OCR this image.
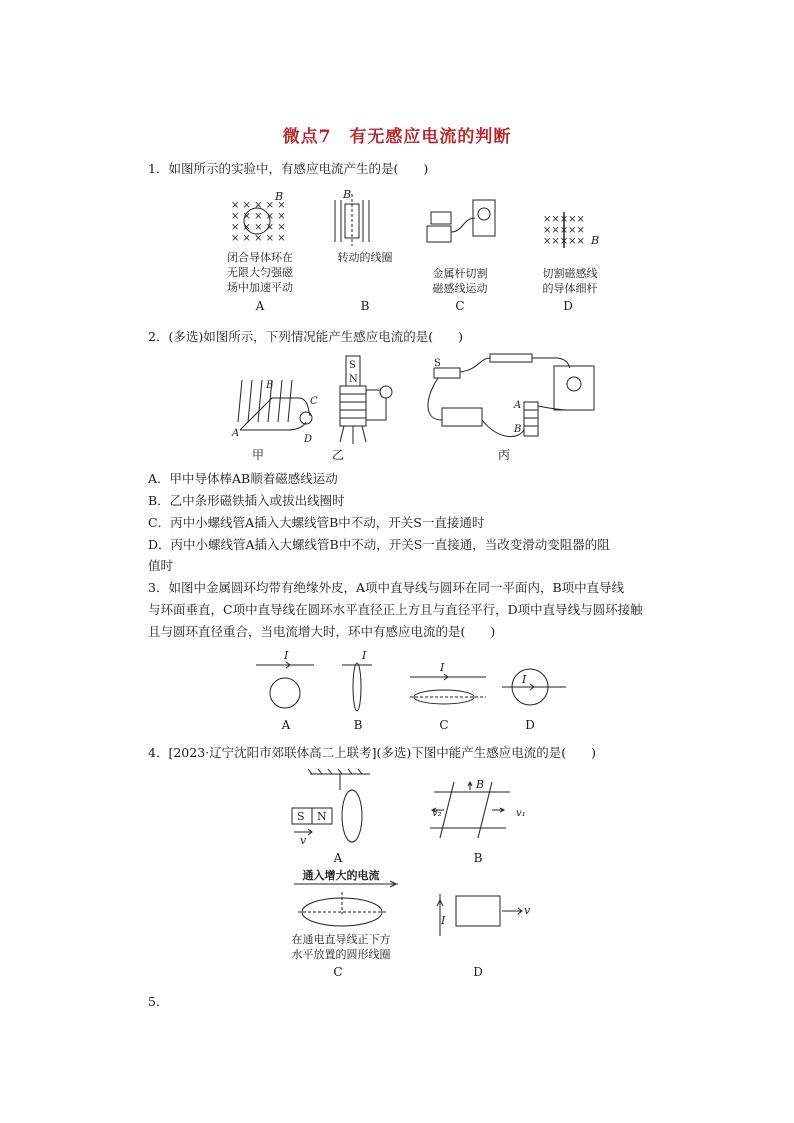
微点7　有无感应电流的判断
1．如图所示的实验中，有感应电流产生的是(　　)
× × × × ×
× × × × ×
× × × × ×
× × × × ×
B	B
×××××
×××××
××××× B
闭合导体环在
无限大匀强磁
场中加速平动
转动的线圈
金属杆切割
磁感线运动
切割磁感线
的导体细杆
A	B	C	D
2．(多选)如图所示，下列情况能产生感应电流的是(　　)
A
B
C
D
S
N
S
A
B
甲	乙	丙
A．甲中导体棒AB顺着磁感线运动
B．乙中条形磁铁插入或拔出线圈时
C．丙中小螺线管A插入大螺线管B中不动，开关S一直接通时
D．丙中小螺线管A插入大螺线管B中不动，开关S一直接通，当改变滑动变阻器的阻
值时
3．如图中金属圆环均带有绝缘外皮，A项中直导线与圆环在同一平面内，B项中直导线
与环面垂直，C项中直导线在圆环水平直径正上方且与直径平行，D项中直导线与圆环接触
且与圆环直径重合，当电流增大时，环中有感应电流的是(　　)
I	I
I
I
A	B	C	D
4．[2023·辽宁沈阳市郊联体高二上联考](多选)下图中能产生感应电流的是(　　)
S N
v
B
v₂	v₁
A	B
通入增大的电流
I
v
在通电直导线正下方
水平放置的圆形线圈
C	D
5．
